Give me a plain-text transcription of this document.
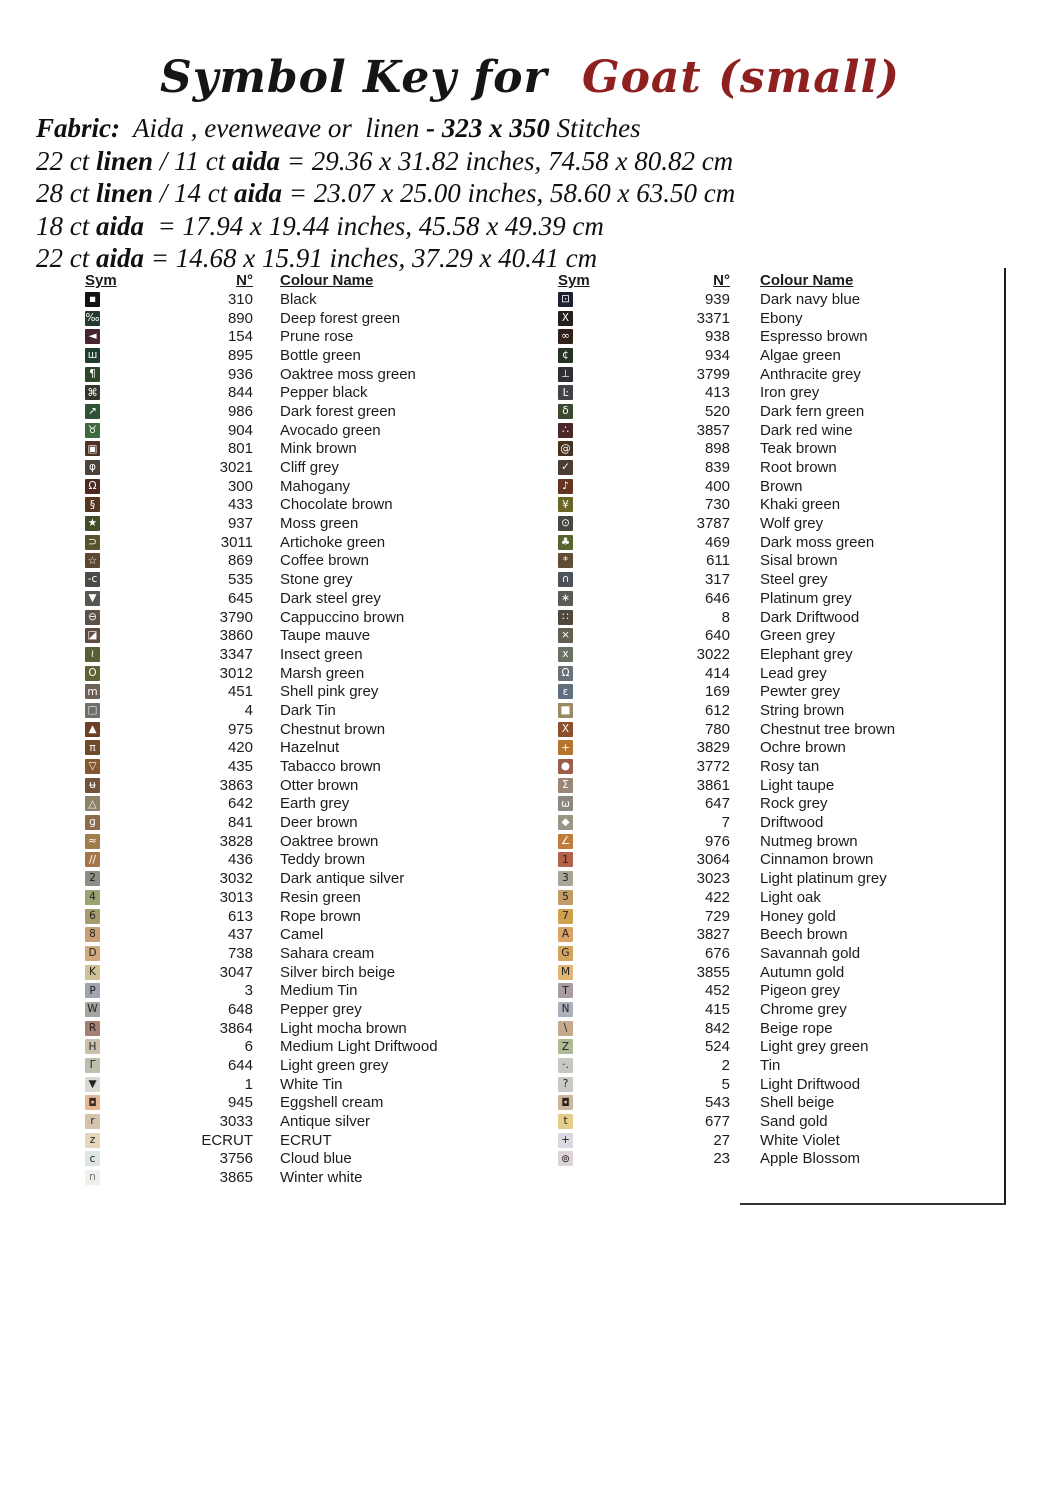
Symbol Key for Goat (small)
Fabric:  Aida , evenweave or  linen - 323 x 350 Stitches
22 ct linen / 11 ct aida = 29.36 x 31.82 inches, 74.58 x 80.82 cm
28 ct linen / 14 ct aida = 23.07 x 25.00 inches, 58.60 x 63.50 cm
18 ct aida  = 17.94 x 19.44 inches, 45.58 x 49.39 cm
22 ct aida = 14.68 x 15.91 inches, 37.29 x 40.41 cm
Sym	N° Colour Name
▪	310 Black
‰	890 Deep forest green
◄	154 Prune rose
ш	895 Bottle green
¶	936 Oaktree moss green
⌘	844 Pepper black
↗	986 Dark forest green
♉	904 Avocado green
▣	801 Mink brown
φ	3021 Cliff grey
Ω	300 Mahogany
§	433 Chocolate brown
★	937 Moss green
⊃	3011 Artichoke green
☆	869 Coffee brown
-c	535 Stone grey
▼	645 Dark steel grey
⊖	3790 Cappuccino brown
◪	3860 Taupe mauve
≀	3347 Insect green
O	3012 Marsh green
m	451 Shell pink grey
□	4 Dark Tin
▲	975 Chestnut brown
π	420 Hazelnut
▽	435 Tabacco brown
ʉ	3863 Otter brown
△	642 Earth grey
g	841 Deer brown
≈	3828 Oaktree brown
//	436 Teddy brown
2	3032 Dark antique silver
4	3013 Resin green
6	613 Rope brown
8	437 Camel
D	738 Sahara cream
K	3047 Silver birch beige
P	3 Medium Tin
W	648 Pepper grey
R	3864 Light mocha brown
H	6 Medium Light Driftwood
Γ	644 Light green grey
▼	1 White Tin
◘	945 Eggshell cream
r	3033 Antique silver
z	ECRUT ECRUT
c	3756 Cloud blue
n	3865 Winter white
Sym	N° Colour Name
⊡	939 Dark navy blue
X	3371 Ebony
∞	938 Espresso brown
¢	934 Algae green
⊥	3799 Anthracite grey
Ŀ	413 Iron grey
δ	520 Dark fern green
∴	3857 Dark red wine
@	898 Teak brown
✓	839 Root brown
♪	400 Brown
¥	730 Khaki green
⊙	3787 Wolf grey
♣	469 Dark moss green
*	611 Sisal brown
∩	317 Steel grey
∗	646 Platinum grey
∷	8 Dark Driftwood
×	640 Green grey
x	3022 Elephant grey
Ω	414 Lead grey
ε	169 Pewter grey
■	612 String brown
X	780 Chestnut tree brown
+	3829 Ochre brown
●	3772 Rosy tan
Σ	3861 Light taupe
ω	647 Rock grey
◆	7 Driftwood
∠	976 Nutmeg brown
1	3064 Cinnamon brown
3	3023 Light platinum grey
5	422 Light oak
7	729 Honey gold
A	3827 Beech brown
G	676 Savannah gold
M	3855 Autumn gold
T	452 Pigeon grey
N	415 Chrome grey
\	842 Beige rope
Z	524 Light grey green
·.	2 Tin
?	5 Light Driftwood
◘	543 Shell beige
t	677 Sand gold
+	27 White Violet
⊚	23 Apple Blossom
